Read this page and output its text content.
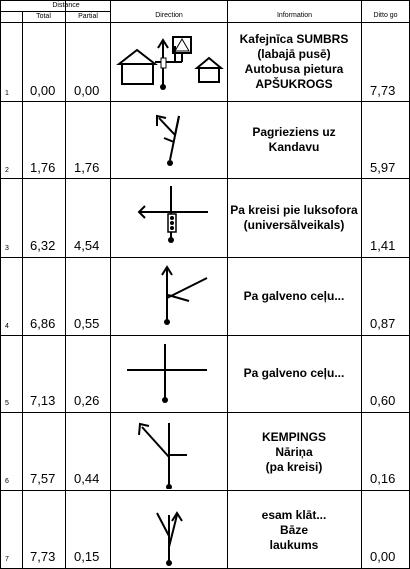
Distance
Total	Partial	Direction	Information	Ditto go
1 0,00 0,00
Kafejnīca SUMBRS
(labajā pusē)
Autobusa pietura
APŠUKROGS	7,73
2 1,76 1,76
Pagrieziens uz
Kandavu
5,97
3 6,32 4,54
Pa kreisi pie luksofora
(universālveikals)
1,41
4 6,86 0,55
Pa galveno ceļu...
0,87
5 7,13 0,26
Pa galveno ceļu...
0,60
6 7,57 0,44
KEMPINGS
Nāriņa
(pa kreisi)
0,16
7 7,73 0,15
esam klāt...
Bāze
laukums
0,00
